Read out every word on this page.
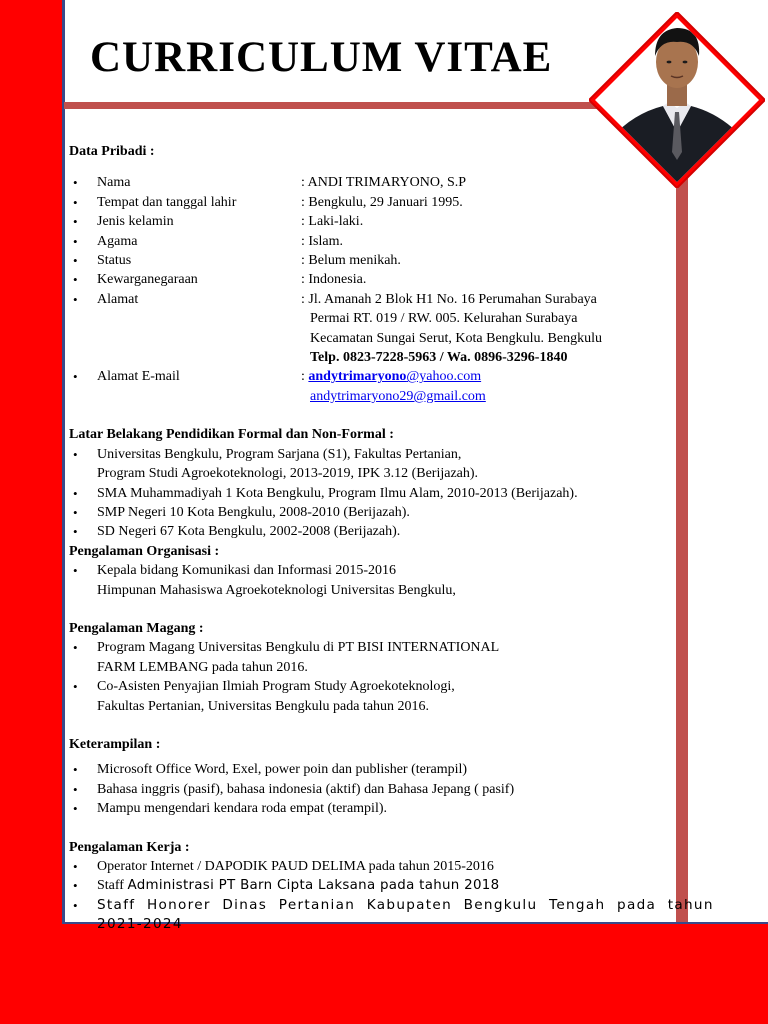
CURRICULUM VITAE
Data Pribadi :
• Nama	: ANDI TRIMARYONO, S.P
• Tempat dan tanggal lahir	: Bengkulu, 29 Januari 1995.
• Jenis kelamin	: Laki-laki.
• Agama	: Islam.
• Status	: Belum menikah.
• Kewarganegaraan	: Indonesia.
• Alamat	: Jl. Amanah 2 Blok H1 No. 16 Perumahan Surabaya
Permai RT. 019 / RW. 005. Kelurahan Surabaya
Kecamatan Sungai Serut, Kota Bengkulu. Bengkulu
Telp. 0823-7228-5963 / Wa. 0896-3296-1840
• Alamat E-mail	: andytrimaryono@yahoo.com
andytrimaryono29@gmail.com
Latar Belakang Pendidikan Formal dan Non-Formal :
• Universitas Bengkulu, Program Sarjana (S1), Fakultas Pertanian,
Program Studi Agroekoteknologi, 2013-2019, IPK 3.12 (Berijazah).
• SMA Muhammadiyah 1 Kota Bengkulu, Program Ilmu Alam, 2010-2013 (Berijazah).
• SMP Negeri 10 Kota Bengkulu, 2008-2010 (Berijazah).
• SD Negeri 67 Kota Bengkulu, 2002-2008 (Berijazah).
Pengalaman Organisasi :
• Kepala bidang Komunikasi dan Informasi 2015-2016
Himpunan Mahasiswa Agroekoteknologi Universitas Bengkulu,
Pengalaman Magang :
• Program Magang Universitas Bengkulu di PT BISI INTERNATIONAL
FARM LEMBANG pada tahun 2016.
• Co-Asisten Penyajian Ilmiah Program Study Agroekoteknologi,
Fakultas Pertanian, Universitas Bengkulu pada tahun 2016.
Keterampilan :
• Microsoft Office Word, Exel, power poin dan publisher (terampil)
• Bahasa inggris (pasif), bahasa indonesia (aktif) dan Bahasa Jepang ( pasif)
• Mampu mengendari kendara roda empat (terampil).
Pengalaman Kerja :
• Operator Internet / DAPODIK PAUD DELIMA pada tahun 2015-2016
• Staff Administrasi PT Barn Cipta Laksana pada tahun 2018
• Staff Honorer Dinas Pertanian Kabupaten Bengkulu Tengah pada tahun
2021-2024
